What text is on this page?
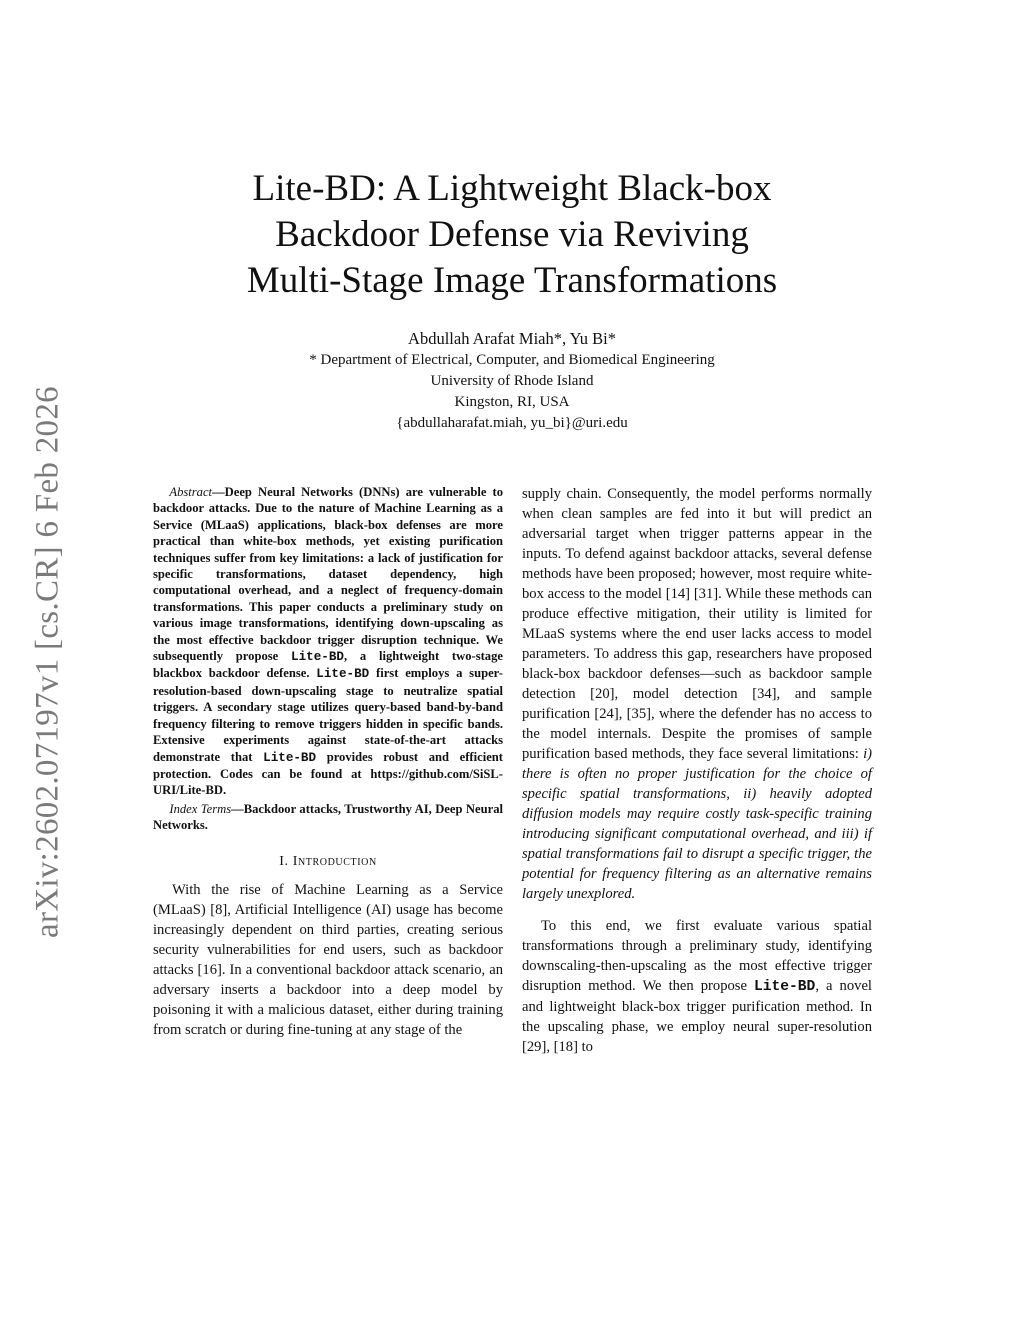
arXiv:2602.07197v1 [cs.CR] 6 Feb 2026
Lite-BD: A Lightweight Black-box
Backdoor Defense via Reviving
Multi-Stage Image Transformations
Abdullah Arafat Miah*, Yu Bi*
* Department of Electrical, Computer, and Biomedical Engineering
University of Rhode Island
Kingston, RI, USA
{abdullaharafat.miah, yu_bi}@uri.edu

Abstract—Deep Neural Networks (DNNs) are vulnerable to backdoor attacks. Due to the nature of Machine Learning as a Service (MLaaS) applications, black-box defenses are more practical than white-box methods, yet existing purification techniques suffer from key limitations: a lack of justification for specific transformations, dataset dependency, high computational overhead, and a neglect of frequency-domain transformations. This paper conducts a preliminary study on various image transformations, identifying down-upscaling as the most effective backdoor trigger disruption technique. We subsequently propose Lite-BD, a lightweight two-stage blackbox backdoor defense. Lite-BD first employs a super-resolution-based down-upscaling stage to neutralize spatial triggers. A secondary stage utilizes query-based band-by-band frequency filtering to remove triggers hidden in specific bands. Extensive experiments against state-of-the-art attacks demonstrate that Lite-BD provides robust and efficient protection. Codes can be found at https://github.com/SiSL-URI/Lite-BD.

Index Terms—Backdoor attacks, Trustworthy AI, Deep Neural Networks.

I. Introduction

With the rise of Machine Learning as a Service (MLaaS) [8], Artificial Intelligence (AI) usage has become increasingly dependent on third parties, creating serious security vulnerabilities for end users, such as backdoor attacks [16]. In a conventional backdoor attack scenario, an adversary inserts a backdoor into a deep model by poisoning it with a malicious dataset, either during training from scratch or during fine-tuning at any stage of the

supply chain. Consequently, the model performs normally when clean samples are fed into it but will predict an adversarial target when trigger patterns appear in the inputs. To defend against backdoor attacks, several defense methods have been proposed; however, most require white-box access to the model [14] [31]. While these methods can produce effective mitigation, their utility is limited for MLaaS systems where the end user lacks access to model parameters. To address this gap, researchers have proposed black-box backdoor defenses—such as backdoor sample detection [20], model detection [34], and sample purification [24], [35], where the defender has no access to the model internals. Despite the promises of sample purification based methods, they face several limitations: i) there is often no proper justification for the choice of specific spatial transformations, ii) heavily adopted diffusion models may require costly task-specific training introducing significant computational overhead, and iii) if spatial transformations fail to disrupt a specific trigger, the potential for frequency filtering as an alternative remains largely unexplored.

To this end, we first evaluate various spatial transformations through a preliminary study, identifying downscaling-then-upscaling as the most effective trigger disruption method. We then propose Lite-BD, a novel and lightweight black-box trigger purification method. In the upscaling phase, we employ neural super-resolution [29], [18] to
